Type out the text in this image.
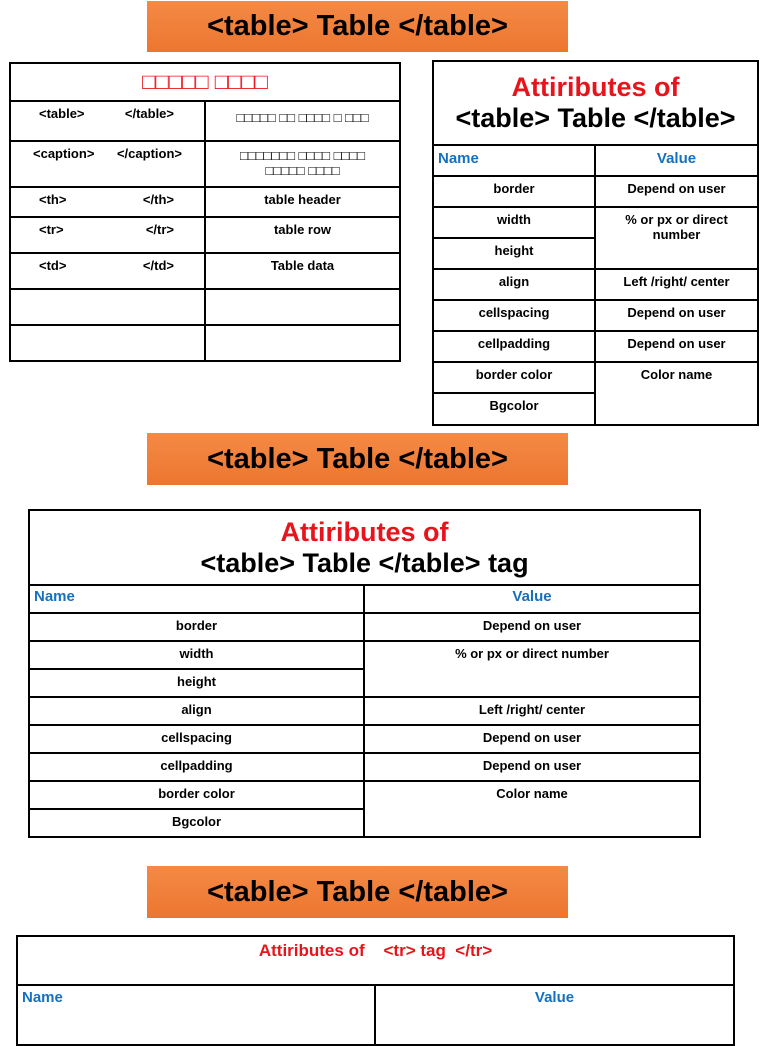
<table> Table </table>
□□□□□ □□□□	

<table> </table>	□□□□□ □□ □□□□ □ □□□

<caption> </caption>	□□□□□□□ □□□□ □□□□ □□□□□ □□□□

<th> </th>	table header

<tr> </tr>	table row

<td> </td>	Table data

Attiributes of
<table> Table </table>	

Name	Value
border	Depend on user
width	% or px or direct number
height	
align	Left /right/ center
cellspacing	Depend on user
cellpadding	Depend on user
border color	Color name
Bgcolor	
<table> Table </table>
Attiributes of
<table> Table </table> tag	

Name	Value
border	Depend on user
width	% or px or direct number
height	
align	Left /right/ center
cellspacing	Depend on user
cellpadding	Depend on user
border color	Color name
Bgcolor	
<table> Table </table>
Attiributes of    <tr> tag  </tr>
Name	Value
